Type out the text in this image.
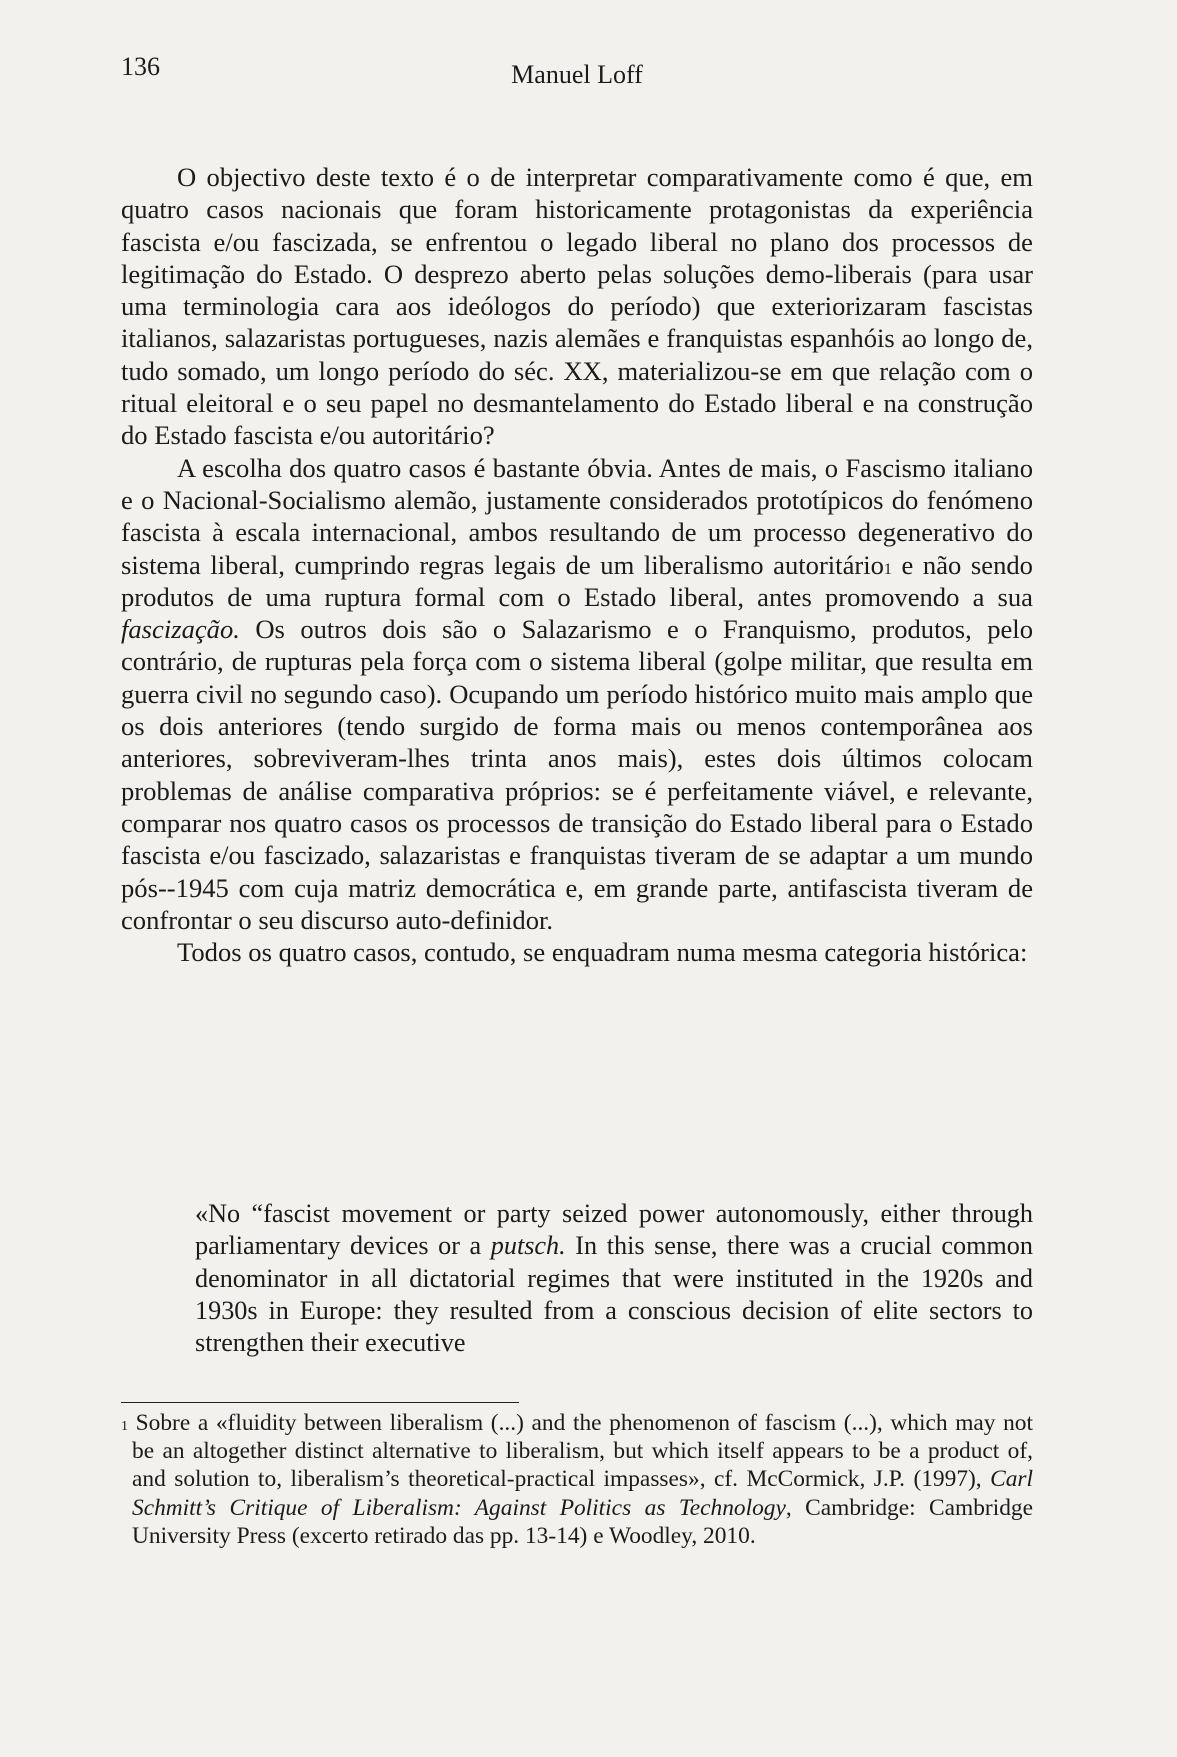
136	Manuel Loff

O objectivo deste texto é o de interpretar comparativamente como é que, em quatro casos nacionais que foram historicamente protagonistas da experiência fascista e/ou fascizada, se enfrentou o legado liberal no plano dos processos de legitimação do Estado. O desprezo aberto pelas soluções demo-liberais (para usar uma terminologia cara aos ideólogos do período) que exteriorizaram fascistas italianos, salazaristas portugueses, nazis alemães e franquistas espanhóis ao longo de, tudo somado, um longo período do séc. XX, materializou-se em que relação com o ritual eleitoral e o seu papel no desmantelamento do Estado liberal e na construção do Estado fascista e/ou autoritário?

A escolha dos quatro casos é bastante óbvia. Antes de mais, o Fascismo italiano e o Nacional-Socialismo alemão, justamente considerados prototípicos do fenómeno fascista à escala internacional, ambos resultando de um processo degenerativo do sistema liberal, cumprindo regras legais de um liberalismo autoritário$^1$ e não sendo produtos de uma ruptura formal com o Estado liberal, antes promovendo a sua fascização. Os outros dois são o Salazarismo e o Franquismo, produtos, pelo contrário, de rupturas pela força com o sistema liberal (golpe militar, que resulta em guerra civil no segundo caso). Ocupando um período histórico muito mais amplo que os dois anteriores (tendo surgido de forma mais ou menos contemporânea aos anteriores, sobreviveram-lhes trinta anos mais), estes dois últimos colocam problemas de análise comparativa próprios: se é perfeitamente viável, e relevante, comparar nos quatro casos os processos de transição do Estado liberal para o Estado fascista e/ou fascizado, salazaristas e franquistas tiveram de se adaptar a um mundo pós--1945 com cuja matriz democrática e, em grande parte, antifascista tiveram de confrontar o seu discurso auto-definidor.

Todos os quatro casos, contudo, se enquadram numa mesma categoria histórica:

«No “fascist movement or party seized power autonomously, either through parliamentary devices or a putsch. In this sense, there was a crucial common denominator in all dictatorial regimes that were instituted in the 1920s and 1930s in Europe: they resulted from a conscious decision of elite sectors to strengthen their executive

$^1$ Sobre a «fluidity between liberalism (...) and the phenomenon of fascism (...), which may not be an altogether distinct alternative to liberalism, but which itself appears to be a product of, and solution to, liberalism’s theoretical-practical impasses», cf. McCormick, J.P. (1997), Carl Schmitt’s Critique of Liberalism: Against Politics as Technology, Cambridge: Cambridge University Press (excerto retirado das pp. 13-14) e Woodley, 2010.
